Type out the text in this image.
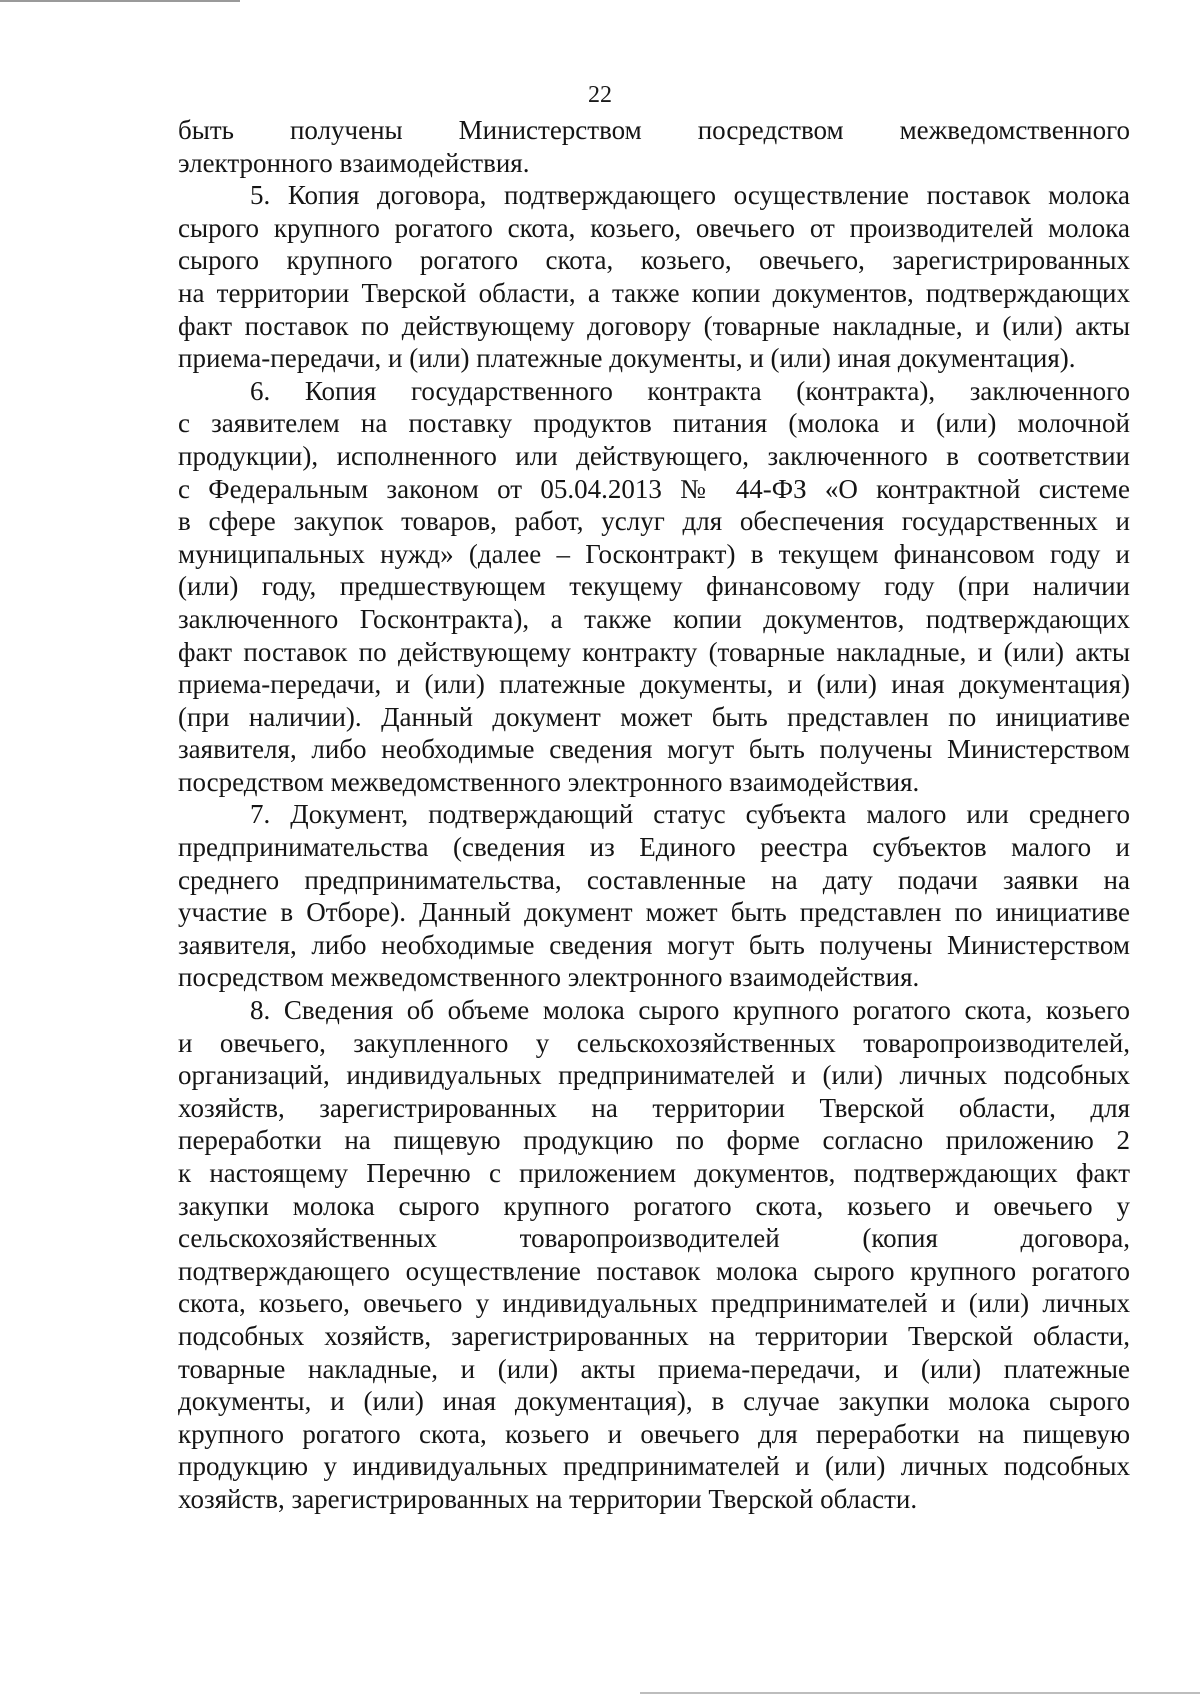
22
быть получены Министерством посредством межведомственного
электронного взаимодействия.
5. Копия договора, подтверждающего осуществление поставок молока
сырого крупного рогатого скота, козьего, овечьего от производителей молока
сырого крупного рогатого скота, козьего, овечьего, зарегистрированных
на территории Тверской области, а также копии документов, подтверждающих
факт поставок по действующему договору (товарные накладные, и (или) акты
приема-передачи, и (или) платежные документы, и (или) иная документация).
6. Копия государственного контракта (контракта), заключенного
с заявителем на поставку продуктов питания (молока и (или) молочной
продукции), исполненного или действующего, заключенного в соответствии
с Федеральным законом от 05.04.2013 № 44-ФЗ «О контрактной системе
в сфере закупок товаров, работ, услуг для обеспечения государственных и
муниципальных нужд» (далее – Госконтракт) в текущем финансовом году и
(или) году, предшествующем текущему финансовому году (при наличии
заключенного Госконтракта), а также копии документов, подтверждающих
факт поставок по действующему контракту (товарные накладные, и (или) акты
приема-передачи, и (или) платежные документы, и (или) иная документация)
(при наличии). Данный документ может быть представлен по инициативе
заявителя, либо необходимые сведения могут быть получены Министерством
посредством межведомственного электронного взаимодействия.
7. Документ, подтверждающий статус субъекта малого или среднего
предпринимательства (сведения из Единого реестра субъектов малого и
среднего предпринимательства, составленные на дату подачи заявки на
участие в Отборе). Данный документ может быть представлен по инициативе
заявителя, либо необходимые сведения могут быть получены Министерством
посредством межведомственного электронного взаимодействия.
8. Сведения об объеме молока сырого крупного рогатого скота, козьего
и овечьего, закупленного у сельскохозяйственных товаропроизводителей,
организаций, индивидуальных предпринимателей и (или) личных подсобных
хозяйств, зарегистрированных на территории Тверской области, для
переработки на пищевую продукцию по форме согласно приложению 2
к настоящему Перечню с приложением документов, подтверждающих факт
закупки молока сырого крупного рогатого скота, козьего и овечьего у
сельскохозяйственных товаропроизводителей (копия договора,
подтверждающего осуществление поставок молока сырого крупного рогатого
скота, козьего, овечьего у индивидуальных предпринимателей и (или) личных
подсобных хозяйств, зарегистрированных на территории Тверской области,
товарные накладные, и (или) акты приема-передачи, и (или) платежные
документы, и (или) иная документация), в случае закупки молока сырого
крупного рогатого скота, козьего и овечьего для переработки на пищевую
продукцию у индивидуальных предпринимателей и (или) личных подсобных
хозяйств, зарегистрированных на территории Тверской области.
